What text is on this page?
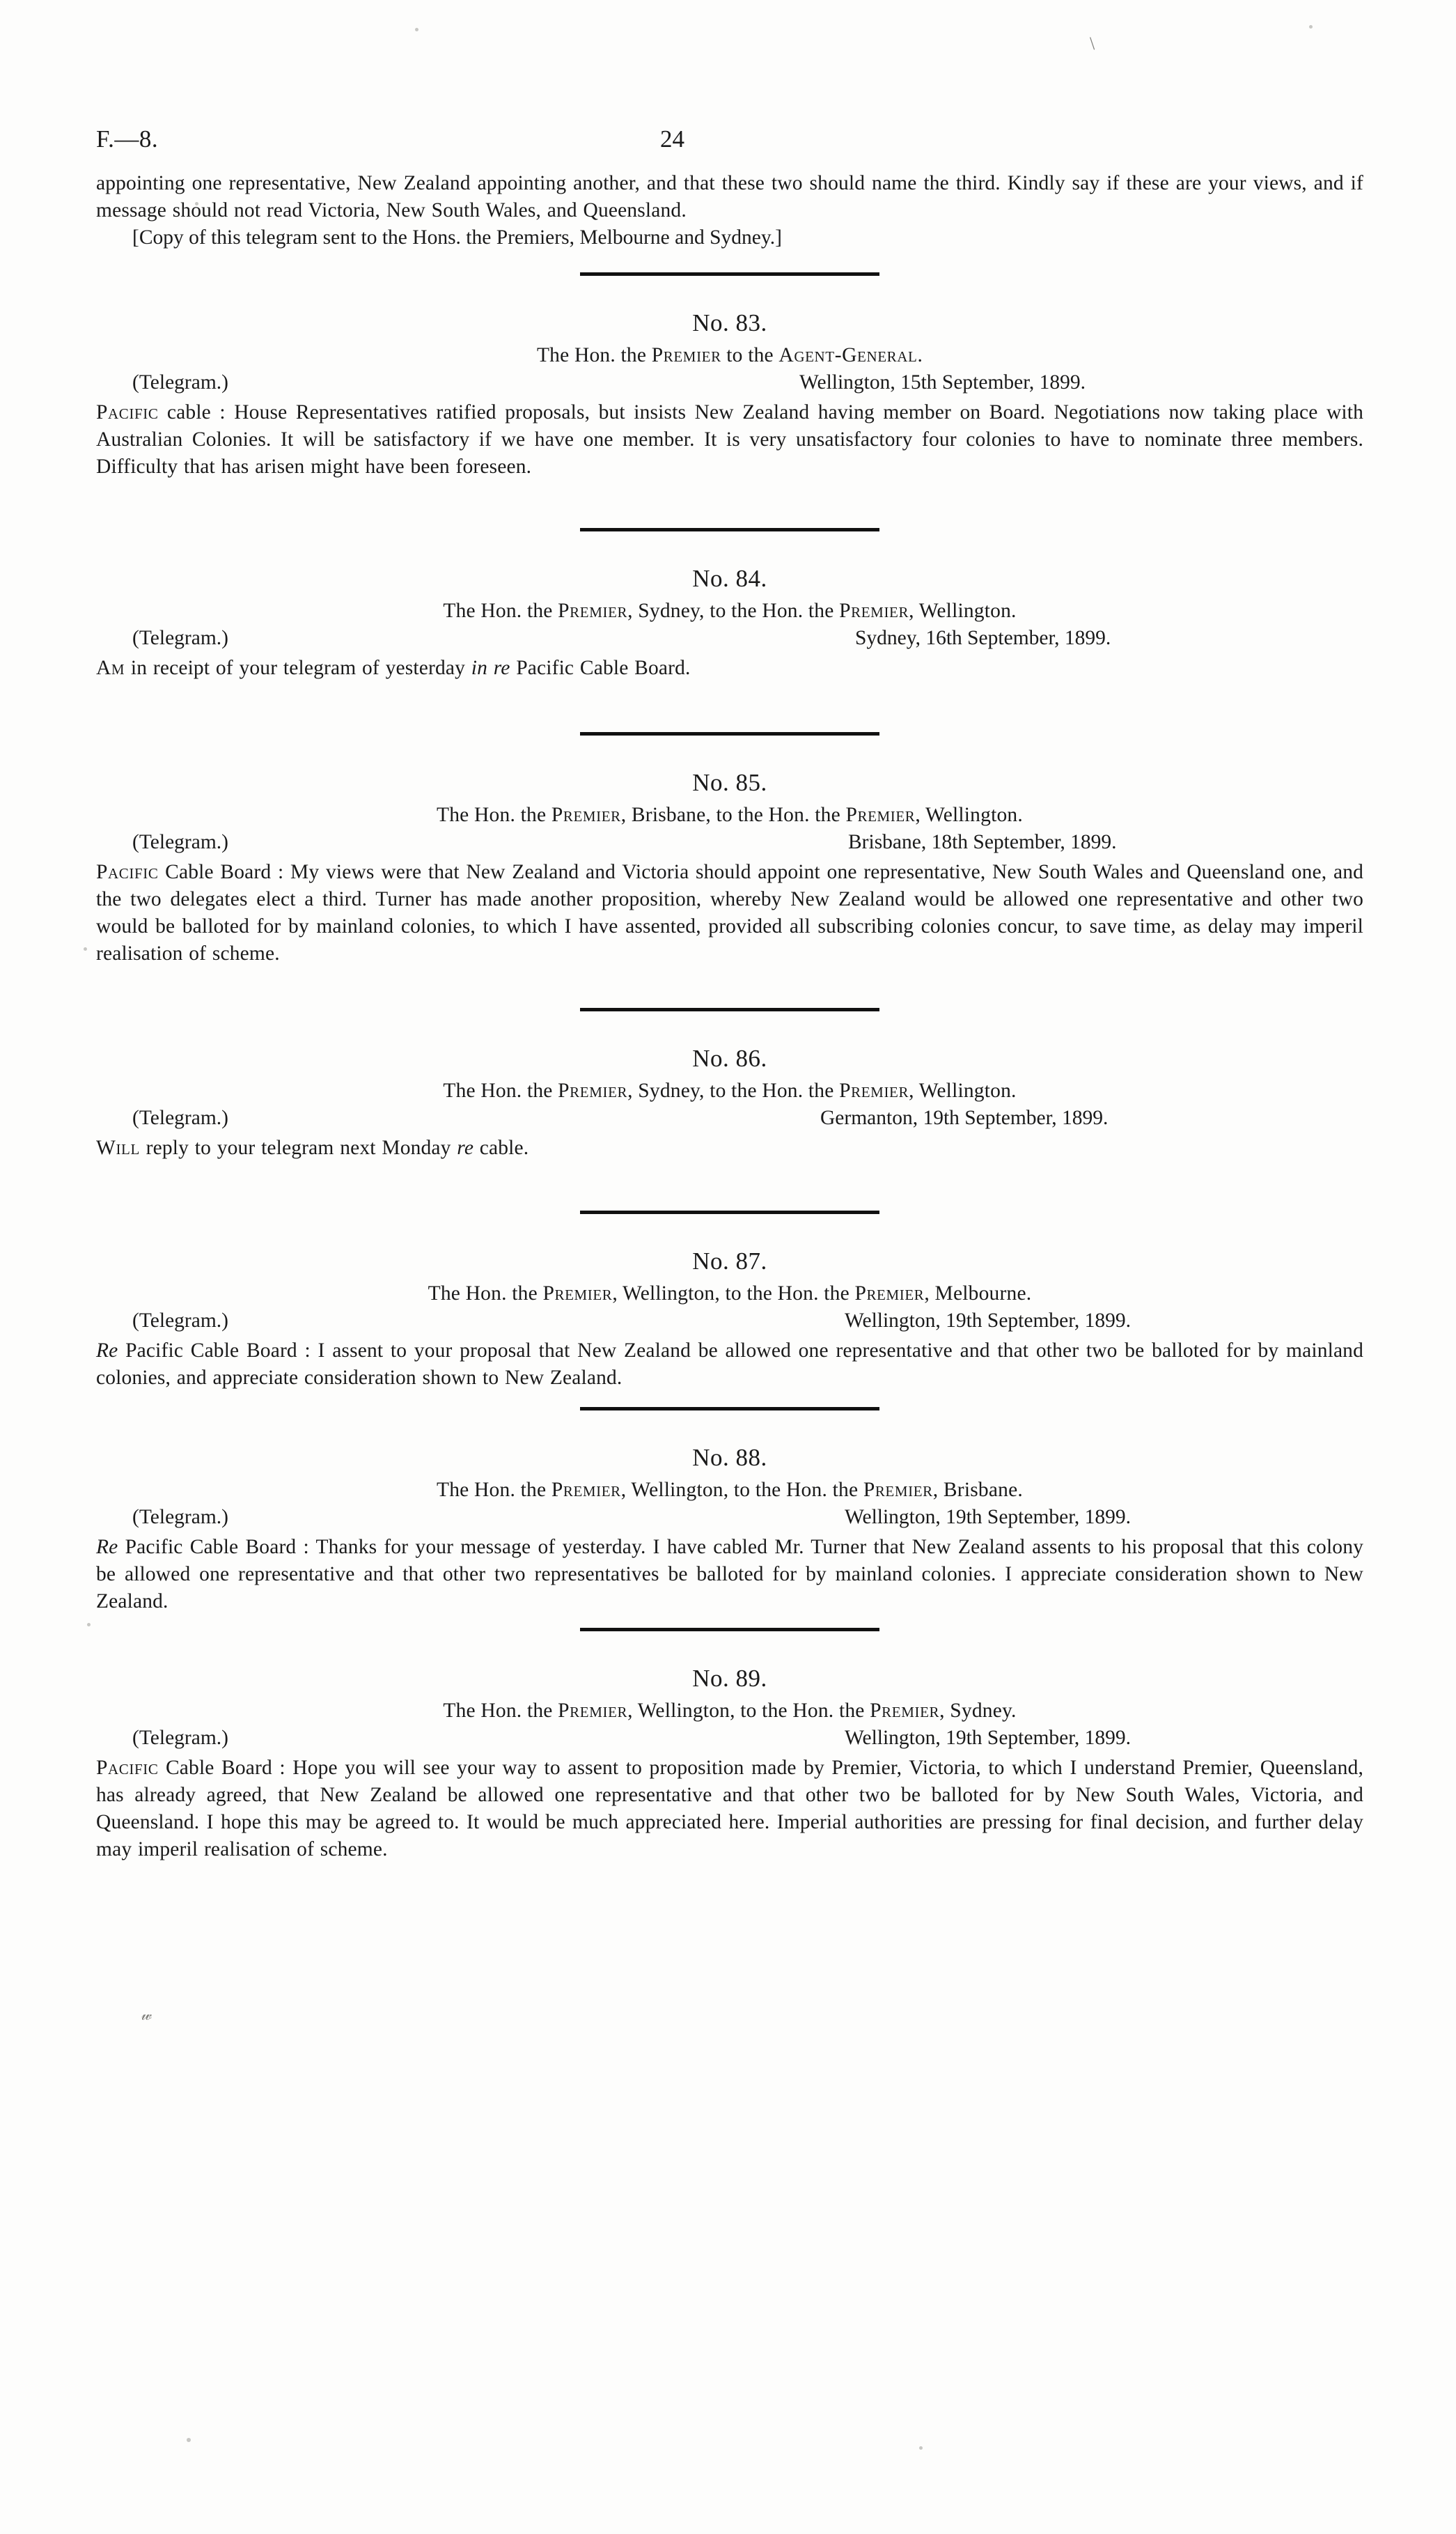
\
𝓌
F.—8.	24

appointing one representative, New Zealand appointing another, and that these two should name the third. Kindly say if these are your views, and if message should not read Victoria, New South Wales, and Queensland.

[Copy of this telegram sent to the Hons. the Premiers, Melbourne and Sydney.]

No. 83.
The Hon. the Premier to the Agent-General.
(Telegram.)	Wellington, 15th September, 1899.

Pacific cable : House Representatives ratified proposals, but insists New Zealand having member on Board. Negotiations now taking place with Australian Colonies. It will be satisfactory if we have one member. It is very unsatisfactory four colonies to have to nominate three members. Difficulty that has arisen might have been foreseen.

No. 84.
The Hon. the Premier, Sydney, to the Hon. the Premier, Wellington.
(Telegram.)	Sydney, 16th September, 1899.

Am in receipt of your telegram of yesterday in re Pacific Cable Board.

No. 85.
The Hon. the Premier, Brisbane, to the Hon. the Premier, Wellington.
(Telegram.)	Brisbane, 18th September, 1899.

Pacific Cable Board : My views were that New Zealand and Victoria should appoint one representative, New South Wales and Queensland one, and the two delegates elect a third. Turner has made another proposition, whereby New Zealand would be allowed one representative and other two would be balloted for by mainland colonies, to which I have assented, provided all subscribing colonies concur, to save time, as delay may imperil realisation of scheme.

No. 86.
The Hon. the Premier, Sydney, to the Hon. the Premier, Wellington.
(Telegram.)	Germanton, 19th September, 1899.

Will reply to your telegram next Monday re cable.

No. 87.
The Hon. the Premier, Wellington, to the Hon. the Premier, Melbourne.
(Telegram.)	Wellington, 19th September, 1899.

Re Pacific Cable Board : I assent to your proposal that New Zealand be allowed one representative and that other two be balloted for by mainland colonies, and appreciate consideration shown to New Zealand.

No. 88.
The Hon. the Premier, Wellington, to the Hon. the Premier, Brisbane.
(Telegram.)	Wellington, 19th September, 1899.

Re Pacific Cable Board : Thanks for your message of yesterday. I have cabled Mr. Turner that New Zealand assents to his proposal that this colony be allowed one representative and that other two representatives be balloted for by mainland colonies. I appreciate consideration shown to New Zealand.

No. 89.
The Hon. the Premier, Wellington, to the Hon. the Premier, Sydney.
(Telegram.)	Wellington, 19th September, 1899.

Pacific Cable Board : Hope you will see your way to assent to proposition made by Premier, Victoria, to which I understand Premier, Queensland, has already agreed, that New Zealand be allowed one representative and that other two be balloted for by New South Wales, Victoria, and Queensland. I hope this may be agreed to. It would be much appreciated here. Imperial authorities are pressing for final decision, and further delay may imperil realisation of scheme.
